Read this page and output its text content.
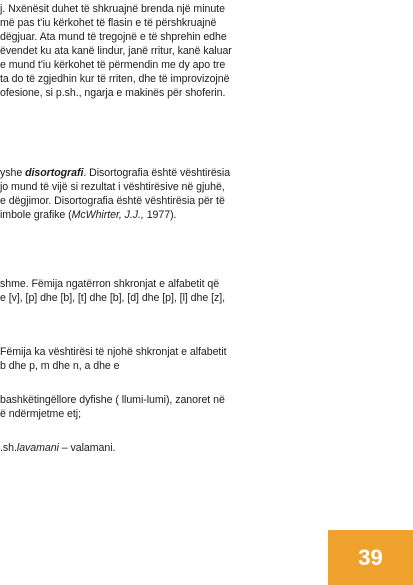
j. Nxënësit duhet të shkruajnë brenda një minute
më pas t'iu kërkohet të flasin e të përshkruajnë
dëgjuar. Ata mund të tregojnë e të shprehin edhe
ëvendet ku ata kanë lindur, janë rritur, kanë kaluar
e mund t'iu kërkohet të përmendin me dy apo tre
ta do të zgjedhin kur të rriten, dhe të improvizojnë
ofesione, si p.sh., ngarja e makinës për shoferin.
yshe disortografi. Disortografia është vështirësia
jo mund të vijë si rezultat i vështirësive në gjuhë,
e dëgjimor. Disortografia është vështirësia për të
imbole grafike (McWhirter, J.J., 1977).
shme. Fëmija ngatërron shkronjat e alfabetit që
e [v], [p] dhe [b], [t] dhe [b], [d] dhe [p], [l] dhe [z],
Fëmija ka vështirësi të njohë shkronjat e alfabetit
b dhe p, m dhe n, a dhe e
bashkëtingëllore dyfishe ( llumi-lumi), zanoret në
ë ndërmjetme etj;
.sh.lavamani – valamani.
39
